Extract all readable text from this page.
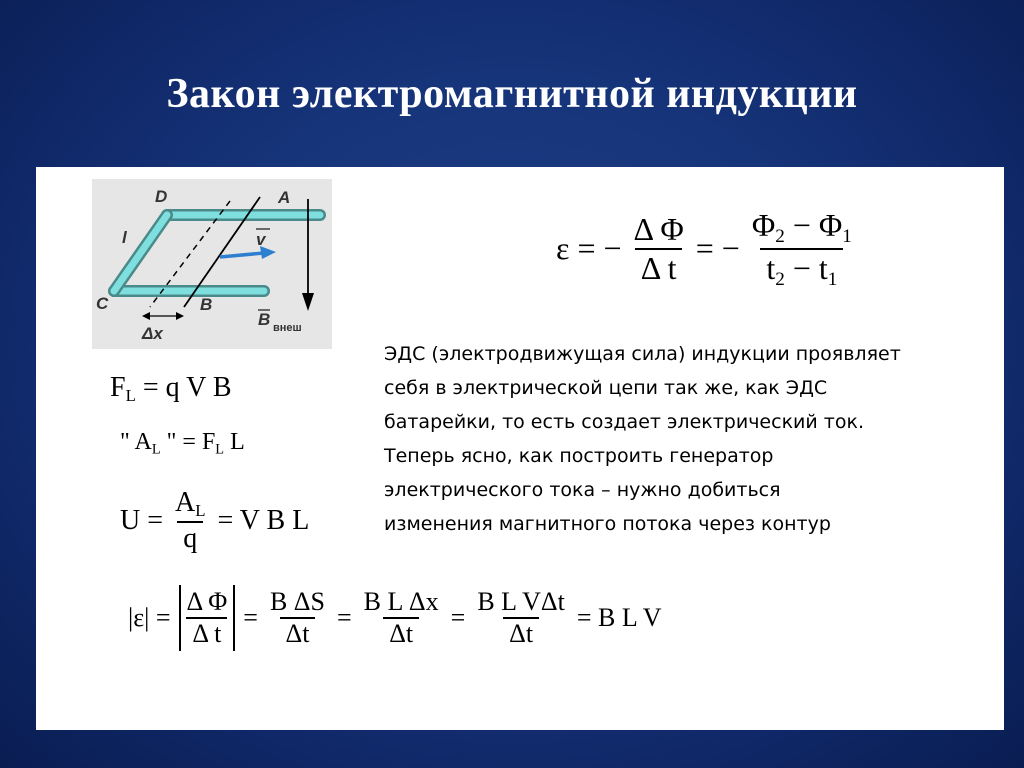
Закон электромагнитной индукции
D	A
C	B
l	v
Δx
B внеш
ε = − $\frac{\text{Δ Φ}}{\text{Δ t}}$ = − $\frac{\Phi_2 - \Phi_1}{t_2 - t_1}$
$F_L = q$ V B
" $A_L$ " = $F_L$ L
$U = \frac{A_L}{q} = V$ B L
ЭДС (электродвижущая сила) индукции проявляет
себя в электрической цепи так же, как ЭДС
батарейки, то есть создает электрический ток.
Теперь ясно, как построить генератор
электрического тока – нужно добиться
изменения магнитного потока через контур
$|\varepsilon| = \frac{\text{Δ Φ}}{\text{Δ t}} = \frac{\text{B ΔS}}{\Delta t} = \frac{\text{B L Δx}}{\Delta t} = \frac{\text{B L VΔt}}{\Delta t} = B$ L V
